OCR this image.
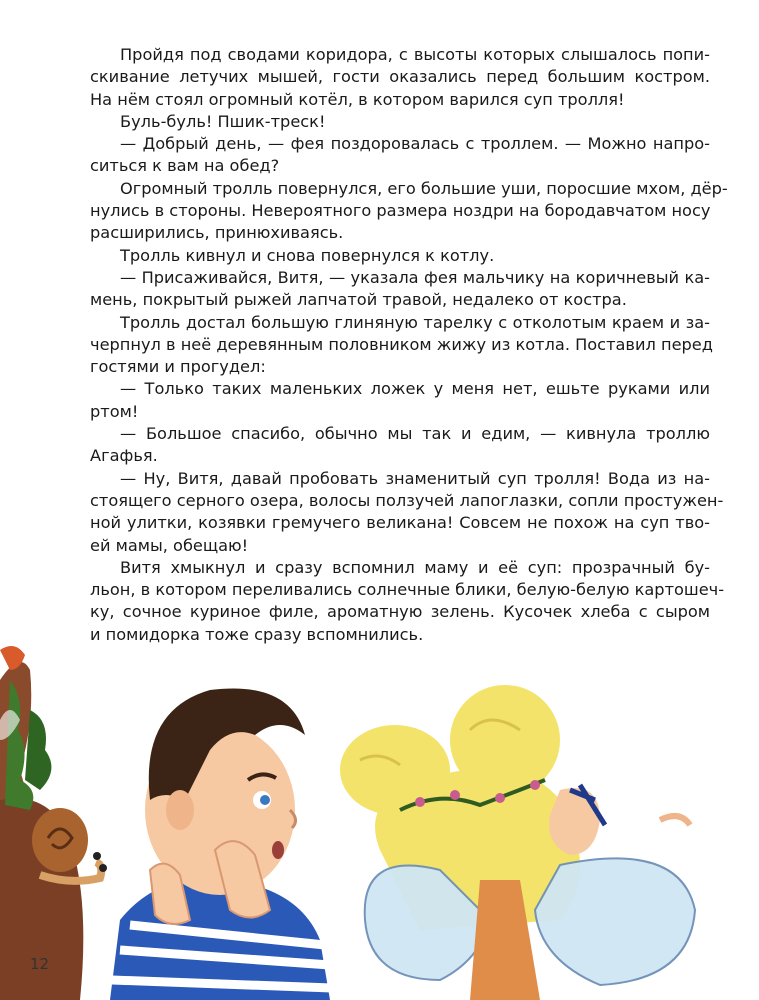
Пройдя под сводами коридора, с высоты которых слышалось попи-
скивание летучих мышей, гости оказались перед большим костром.
На нём стоял огромный котёл, в котором варился суп тролля!
Буль-буль! Пшик-треск!
— Добрый день, — фея поздоровалась с троллем. — Можно напро-
ситься к вам на обед?
Огромный тролль повернулся, его большие уши, поросшие мхом, дёр-
нулись в стороны. Невероятного размера ноздри на бородавчатом носу
расширились, принюхиваясь.
Тролль кивнул и снова повернулся к котлу.
— Присаживайся, Витя, — указала фея мальчику на коричневый ка-
мень, покрытый рыжей лапчатой травой, недалеко от костра.
Тролль достал большую глиняную тарелку с отколотым краем и за-
черпнул в неё деревянным половником жижу из котла. Поставил перед
гостями и прогудел:
— Только таких маленьких ложек у меня нет, ешьте руками или
ртом!
— Большое спасибо, обычно мы так и едим, — кивнула троллю
Агафья.
— Ну, Витя, давай пробовать знаменитый суп тролля! Вода из на-
стоящего серного озера, волосы ползучей лапоглазки, сопли простужен-
ной улитки, козявки гремучего великана! Совсем не похож на суп тво-
ей мамы, обещаю!
Витя хмыкнул и сразу вспомнил маму и её суп: прозрачный бу-
льон, в котором переливались солнечные блики, белую-белую картошеч-
ку, сочное куриное филе, ароматную зелень. Кусочек хлеба с сыром
и помидорка тоже сразу вспомнились.
12
